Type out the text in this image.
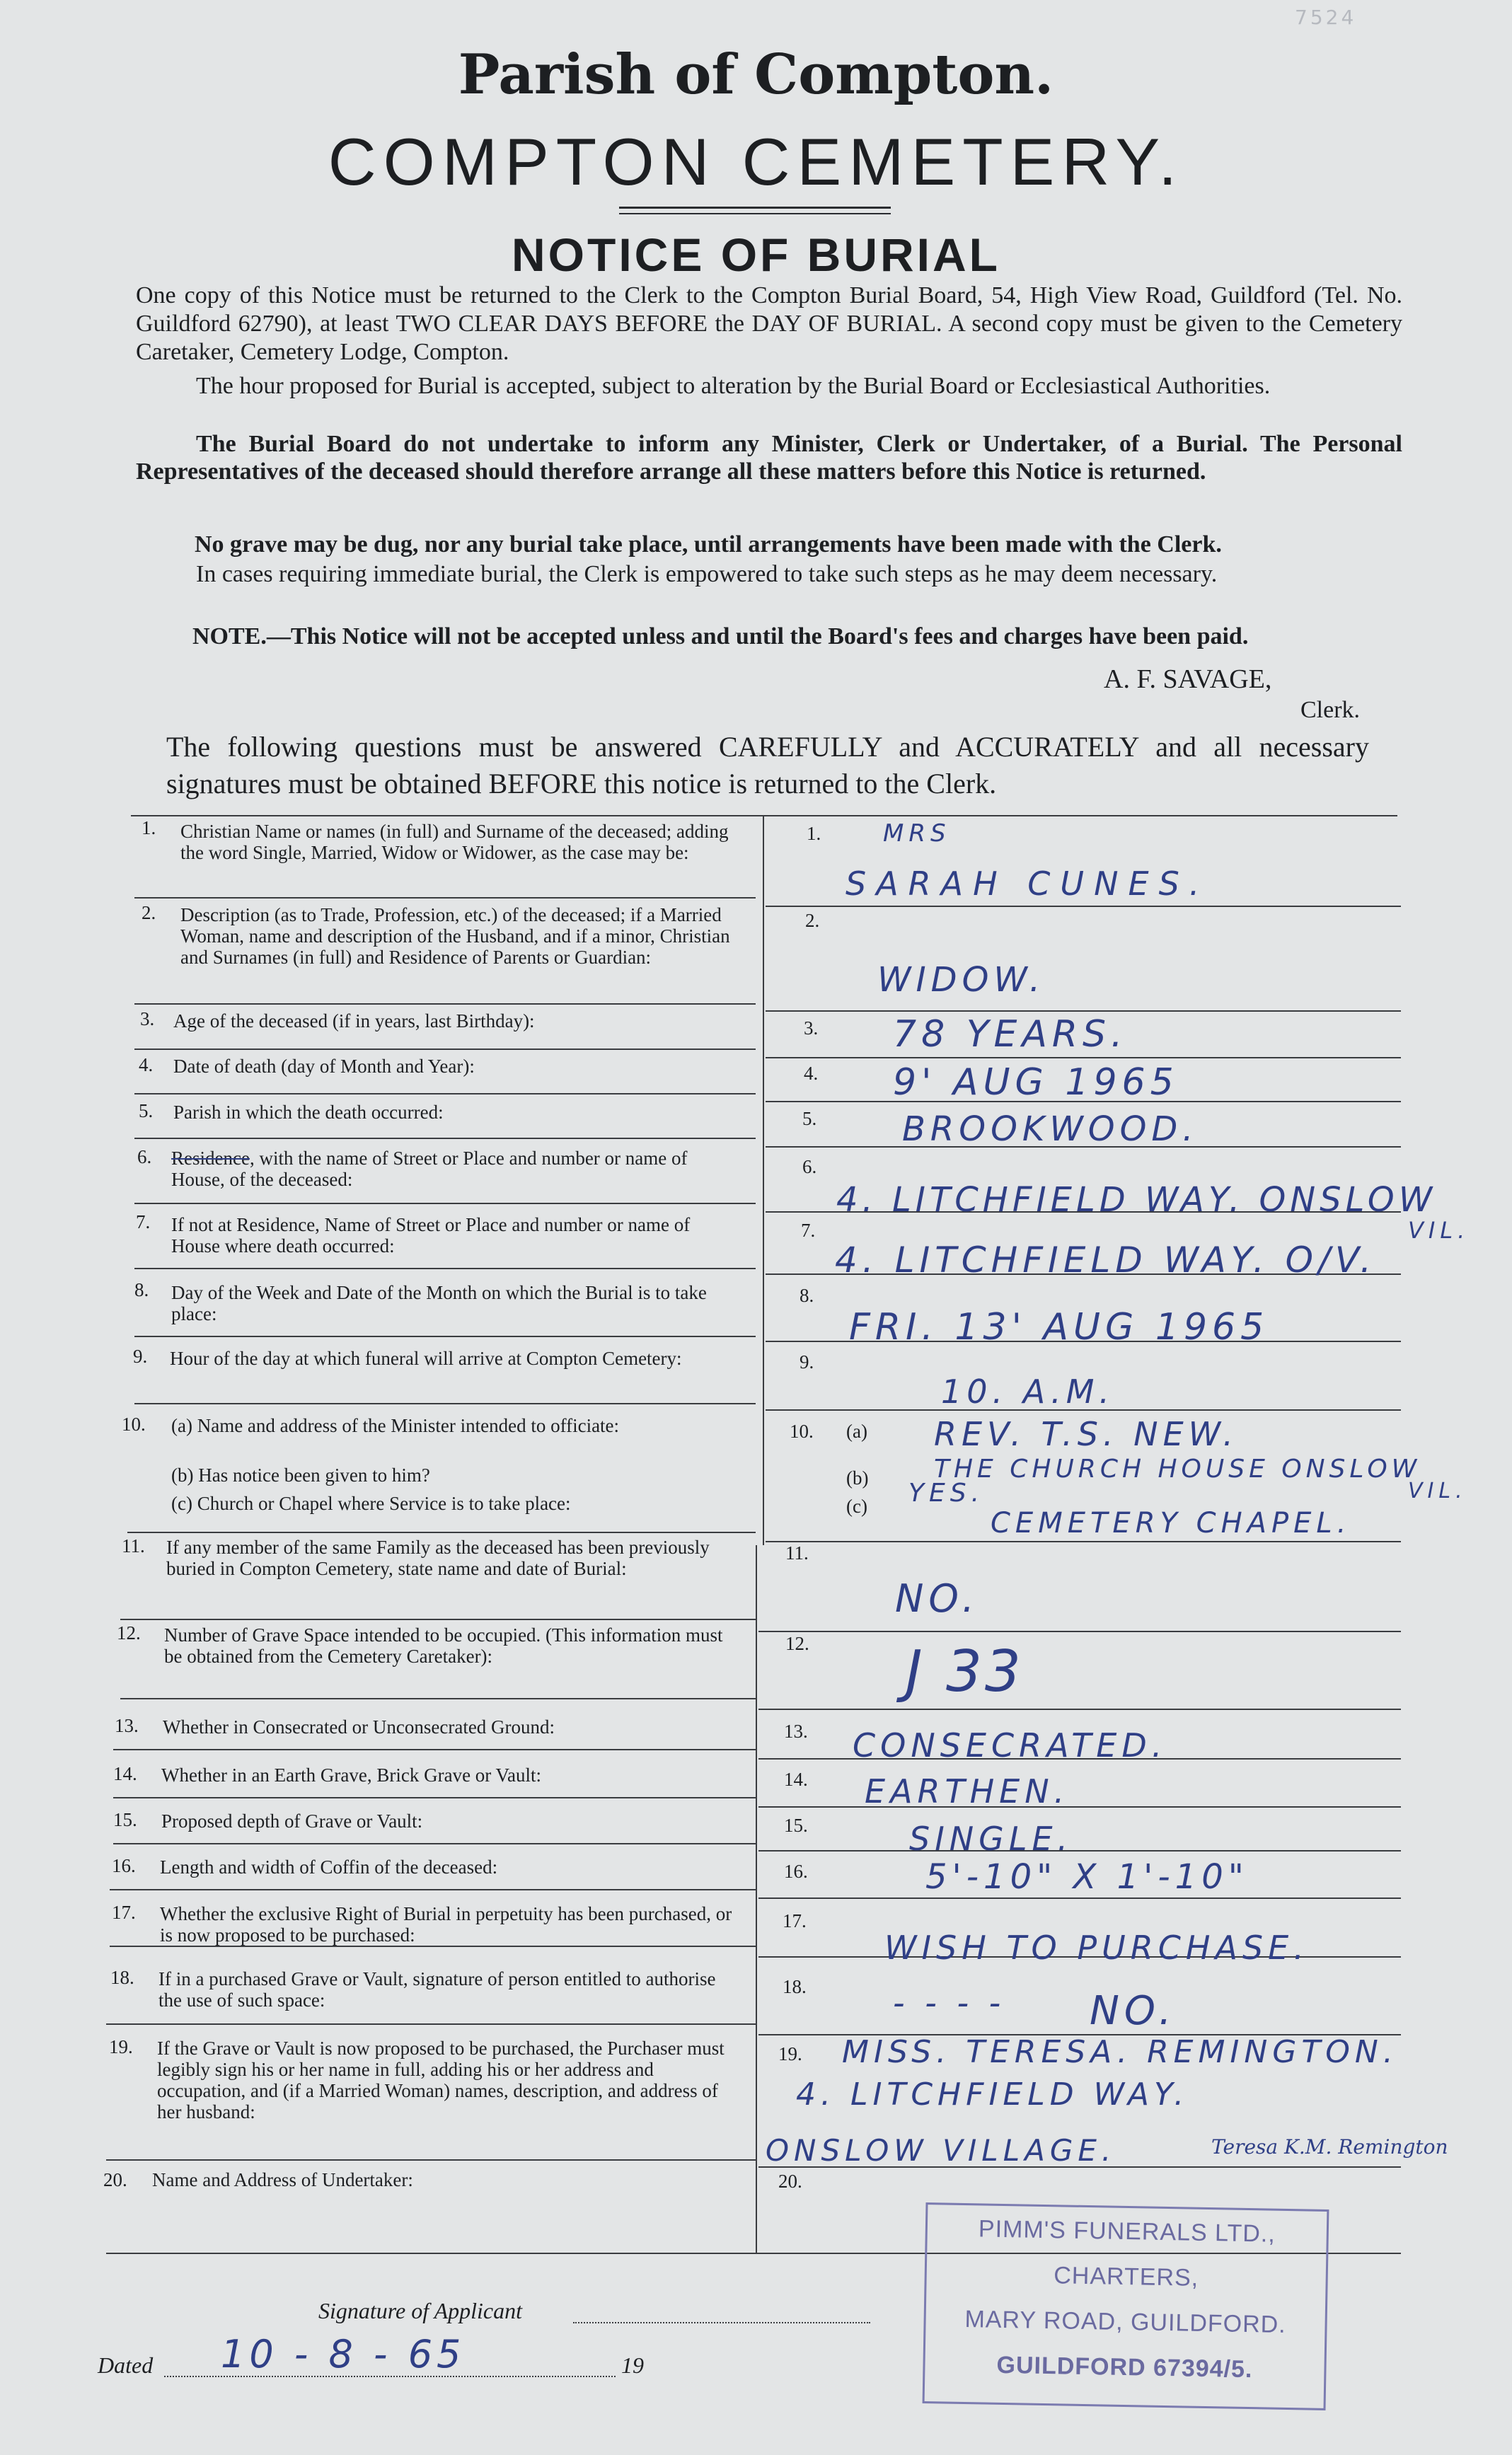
Parish of Compton.
COMPTON CEMETERY.
NOTICE OF BURIAL
7524
One copy of this Notice must be returned to the Clerk to the Compton Burial Board, 54, High View Road, Guildford (Tel. No. Guildford 62790), at least TWO CLEAR DAYS BEFORE the DAY OF BURIAL. A second copy must be given to the Cemetery Caretaker, Cemetery Lodge, Compton.
The hour proposed for Burial is accepted, subject to alteration by the Burial Board or Ecclesiastical Authorities.
The Burial Board do not undertake to inform any Minister, Clerk or Undertaker, of a Burial. The Personal Representatives of the deceased should therefore arrange all these matters before this Notice is returned.
No grave may be dug, nor any burial take place, until arrangements have been made with the Clerk.
In cases requiring immediate burial, the Clerk is empowered to take such steps as he may deem necessary.
NOTE.—This Notice will not be accepted unless and until the Board's fees and charges have been paid.
A. F. SAVAGE,
Clerk.
The following questions must be answered CAREFULLY and ACCURATELY and all necessary signatures must be obtained BEFORE this notice is returned to the Clerk.
1. Christian Name or names (in full) and Surname of the deceased; adding the word Single, Married, Widow or Widower, as the case may be:
2. Description (as to Trade, Profession, etc.) of the deceased; if a Married Woman, name and description of the Husband, and if a minor, Christian and Surnames (in full) and Residence of Parents or Guardian:
3. Age of the deceased (if in years, last Birthday):
4. Date of death (day of Month and Year):
5. Parish in which the death occurred:
6. Residence, with the name of Street or Place and number or name of House, of the deceased:
7. If not at Residence, Name of Street or Place and number or name of House where death occurred:
8. Day of the Week and Date of the Month on which the Burial is to take place:
9. Hour of the day at which funeral will arrive at Compton Cemetery:
10. (a) Name and address of the Minister intended to officiate:
(b) Has notice been given to him?
(c) Church or Chapel where Service is to take place:
11. If any member of the same Family as the deceased has been previously buried in Compton Cemetery, state name and date of Burial:
12. Number of Grave Space intended to be occupied. (This information must be obtained from the Cemetery Caretaker):
13. Whether in Consecrated or Unconsecrated Ground:
14. Whether in an Earth Grave, Brick Grave or Vault:
15. Proposed depth of Grave or Vault:
16. Length and width of Coffin of the deceased:
17. Whether the exclusive Right of Burial in perpetuity has been purchased, or is now proposed to be purchased:
18. If in a purchased Grave or Vault, signature of person entitled to authorise the use of such space:
19. If the Grave or Vault is now proposed to be purchased, the Purchaser must legibly sign his or her name in full, adding his or her address and occupation, and (if a Married Woman) names, description, and address of her husband:
20. Name and Address of Undertaker:
1.
2.
3.
4.
5.
6.
7.
8.
9.
10. (a)
(b)
(c)
11.
12.
13.
14.
15.
16.
17.
18.
19.
20.
MRS
SARAH CUNES.
WIDOW.
78 YEARS.
9' AUG 1965
BROOKWOOD.
4. LITCHFIELD WAY. ONSLOW
VIL.
4. LITCHFIELD WAY. O/V.
FRI. 13' AUG 1965
10. A.M.
REV. T.S. NEW.
THE CHURCH HOUSE ONSLOW
VIL.
YES.
CEMETERY CHAPEL.
NO.
J 33
CONSECRATED.
EARTHEN.
SINGLE.
5'-10" X 1'-10"
WISH TO PURCHASE.
- - - - NO.
MISS. TERESA. REMINGTON.
4. LITCHFIELD WAY.
ONSLOW VILLAGE.	Teresa K.M. Remington
PIMM'S FUNERALS LTD.,
CHARTERS,
MARY ROAD, GUILDFORD.
GUILDFORD 67394/5.
Signature of Applicant
Dated 10 - 8 - 65	19
